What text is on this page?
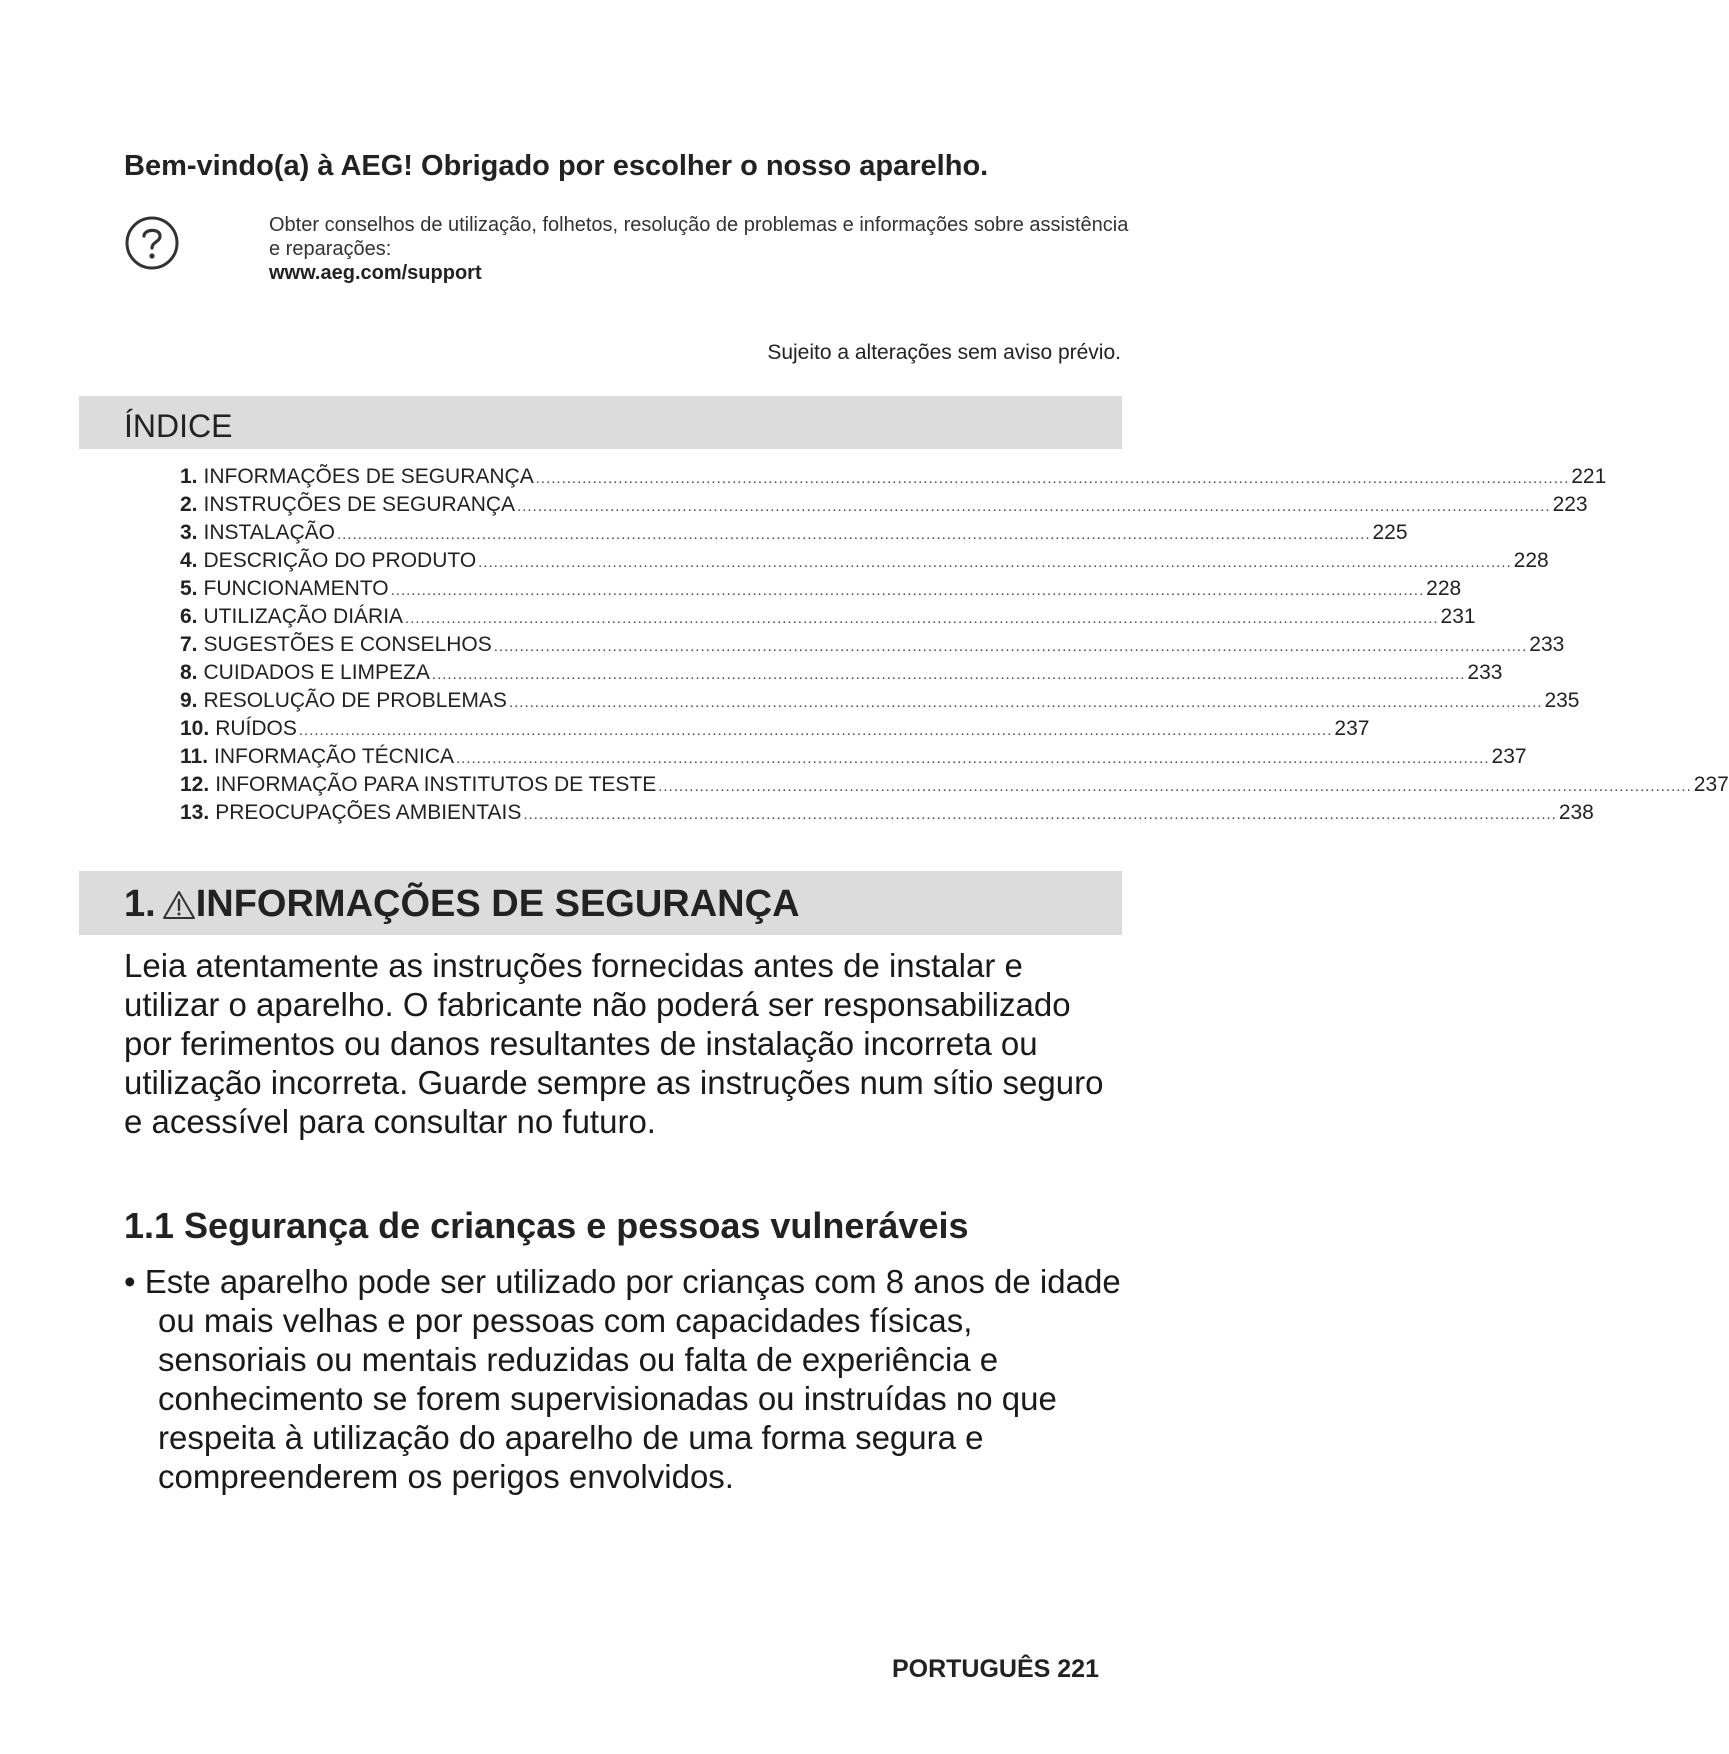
Bem-vindo(a) à AEG! Obrigado por escolher o nosso aparelho.
Obter conselhos de utilização, folhetos, resolução de problemas e informações sobre assistência e reparações:
www.aeg.com/support
Sujeito a alterações sem aviso prévio.
ÍNDICE
1. INFORMAÇÕES DE SEGURANÇA ........................................................................................................................................................................................................ 221
2. INSTRUÇÕES DE SEGURANÇA ........................................................................................................................................................................................................ 223
3. INSTALAÇÃO ........................................................................................................................................................................................................ 225
4. DESCRIÇÃO DO PRODUTO ........................................................................................................................................................................................................ 228
5. FUNCIONAMENTO ........................................................................................................................................................................................................ 228
6. UTILIZAÇÃO DIÁRIA ........................................................................................................................................................................................................ 231
7. SUGESTÕES E CONSELHOS ........................................................................................................................................................................................................ 233
8. CUIDADOS E LIMPEZA ........................................................................................................................................................................................................ 233
9. RESOLUÇÃO DE PROBLEMAS ........................................................................................................................................................................................................ 235
10. RUÍDOS ........................................................................................................................................................................................................ 237
11. INFORMAÇÃO TÉCNICA ........................................................................................................................................................................................................ 237
12. INFORMAÇÃO PARA INSTITUTOS DE TESTE ........................................................................................................................................................................................................ 237
13. PREOCUPAÇÕES AMBIENTAIS ........................................................................................................................................................................................................ 238
1. INFORMAÇÕES DE SEGURANÇA
Leia atentamente as instruções fornecidas antes de instalar e utilizar o aparelho. O fabricante não poderá ser responsabilizado por ferimentos ou danos resultantes de instalação incorreta ou utilização incorreta. Guarde sempre as instruções num sítio seguro e acessível para consultar no futuro.
1.1 Segurança de crianças e pessoas vulneráveis
• Este aparelho pode ser utilizado por crianças com 8 anos de idade ou mais velhas e por pessoas com capacidades físicas, sensoriais ou mentais reduzidas ou falta de experiência e conhecimento se forem supervisionadas ou instruídas no que respeita à utilização do aparelho de uma forma segura e compreenderem os perigos envolvidos.
PORTUGUÊS 221
